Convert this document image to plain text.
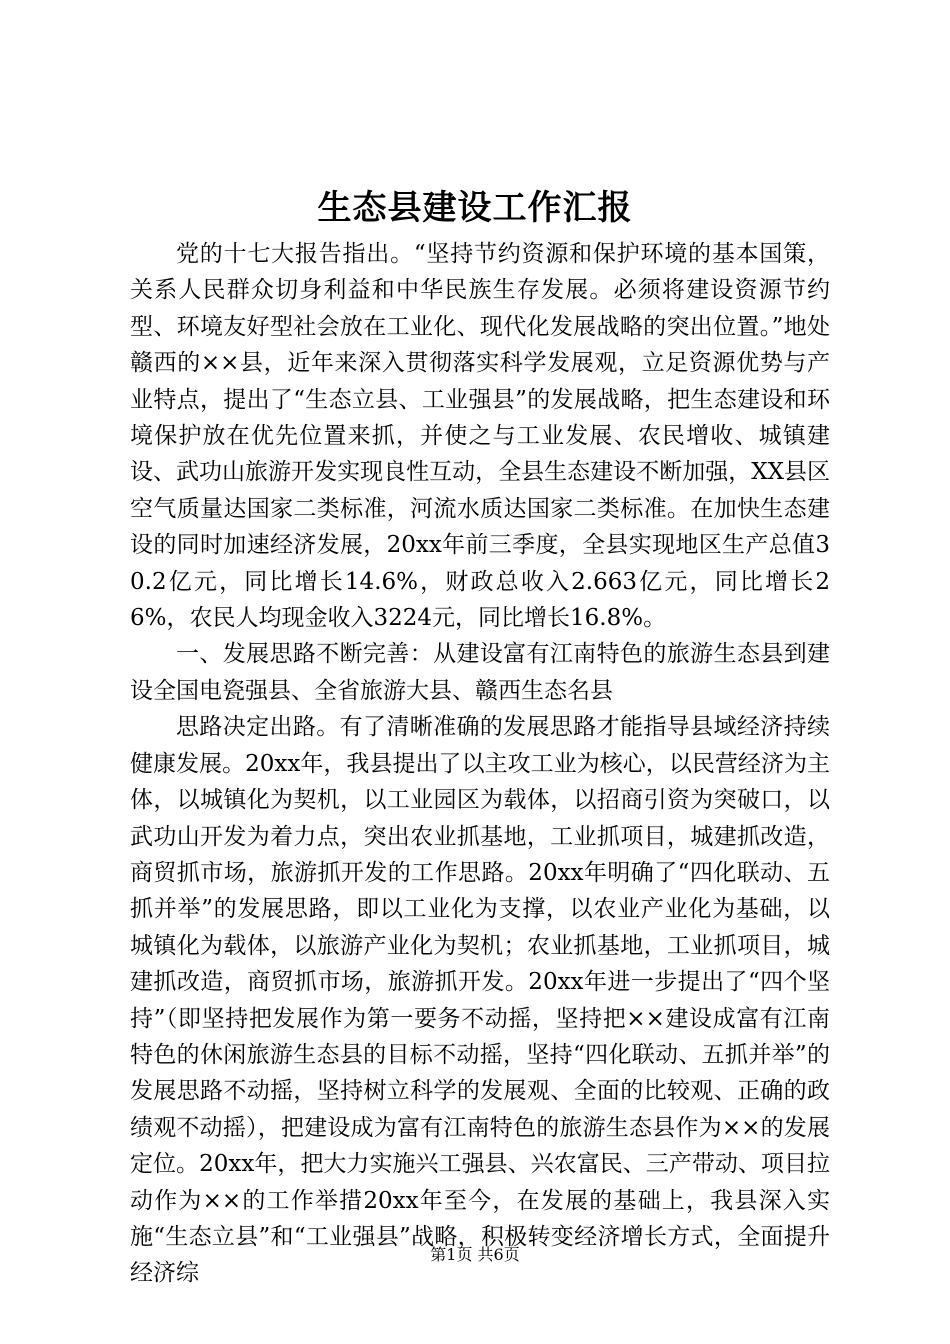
生态县建设工作汇报

党的十七大报告指出。“坚持节约资源和保护环境的基本国策，关系人民群众切身利益和中华民族生存发展。必须将建设资源节约型、环境友好型社会放在工业化、现代化发展战略的突出位置。”地处赣西的××县，近年来深入贯彻落实科学发展观，立足资源优势与产业特点，提出了“生态立县、工业强县”的发展战略，把生态建设和环境保护放在优先位置来抓，并使之与工业发展、农民增收、城镇建设、武功山旅游开发实现良性互动，全县生态建设不断加强，XX县区空气质量达国家二类标准，河流水质达国家二类标准。在加快生态建设的同时加速经济发展，20xx年前三季度，全县实现地区生产总值30.2亿元，同比增长14.6%，财政总收入2.663亿元，同比增长26%，农民人均现金收入3224元，同比增长16.8%。

一、发展思路不断完善：从建设富有江南特色的旅游生态县到建设全国电瓷强县、全省旅游大县、赣西生态名县

思路决定出路。有了清晰准确的发展思路才能指导县域经济持续健康发展。20xx年，我县提出了以主攻工业为核心，以民营经济为主体，以城镇化为契机，以工业园区为载体，以招商引资为突破口，以武功山开发为着力点，突出农业抓基地，工业抓项目，城建抓改造，商贸抓市场，旅游抓开发的工作思路。20xx年明确了“四化联动、五抓并举”的发展思路，即以工业化为支撑，以农业产业化为基础，以城镇化为载体，以旅游产业化为契机；农业抓基地，工业抓项目，城建抓改造，商贸抓市场，旅游抓开发。20xx年进一步提出了“四个坚持”（即坚持把发展作为第一要务不动摇，坚持把××建设成富有江南特色的休闲旅游生态县的目标不动摇，坚持“四化联动、五抓并举”的发展思路不动摇，坚持树立科学的发展观、全面的比较观、正确的政绩观不动摇），把建设成为富有江南特色的旅游生态县作为××的发展定位。20xx年，把大力实施兴工强县、兴农富民、三产带动、项目拉动作为××的工作举措20xx年至今，在发展的基础上，我县深入实施“生态立县”和“工业强县”战略，积极转变经济增长方式，全面提升经济综

第1页 共6页
